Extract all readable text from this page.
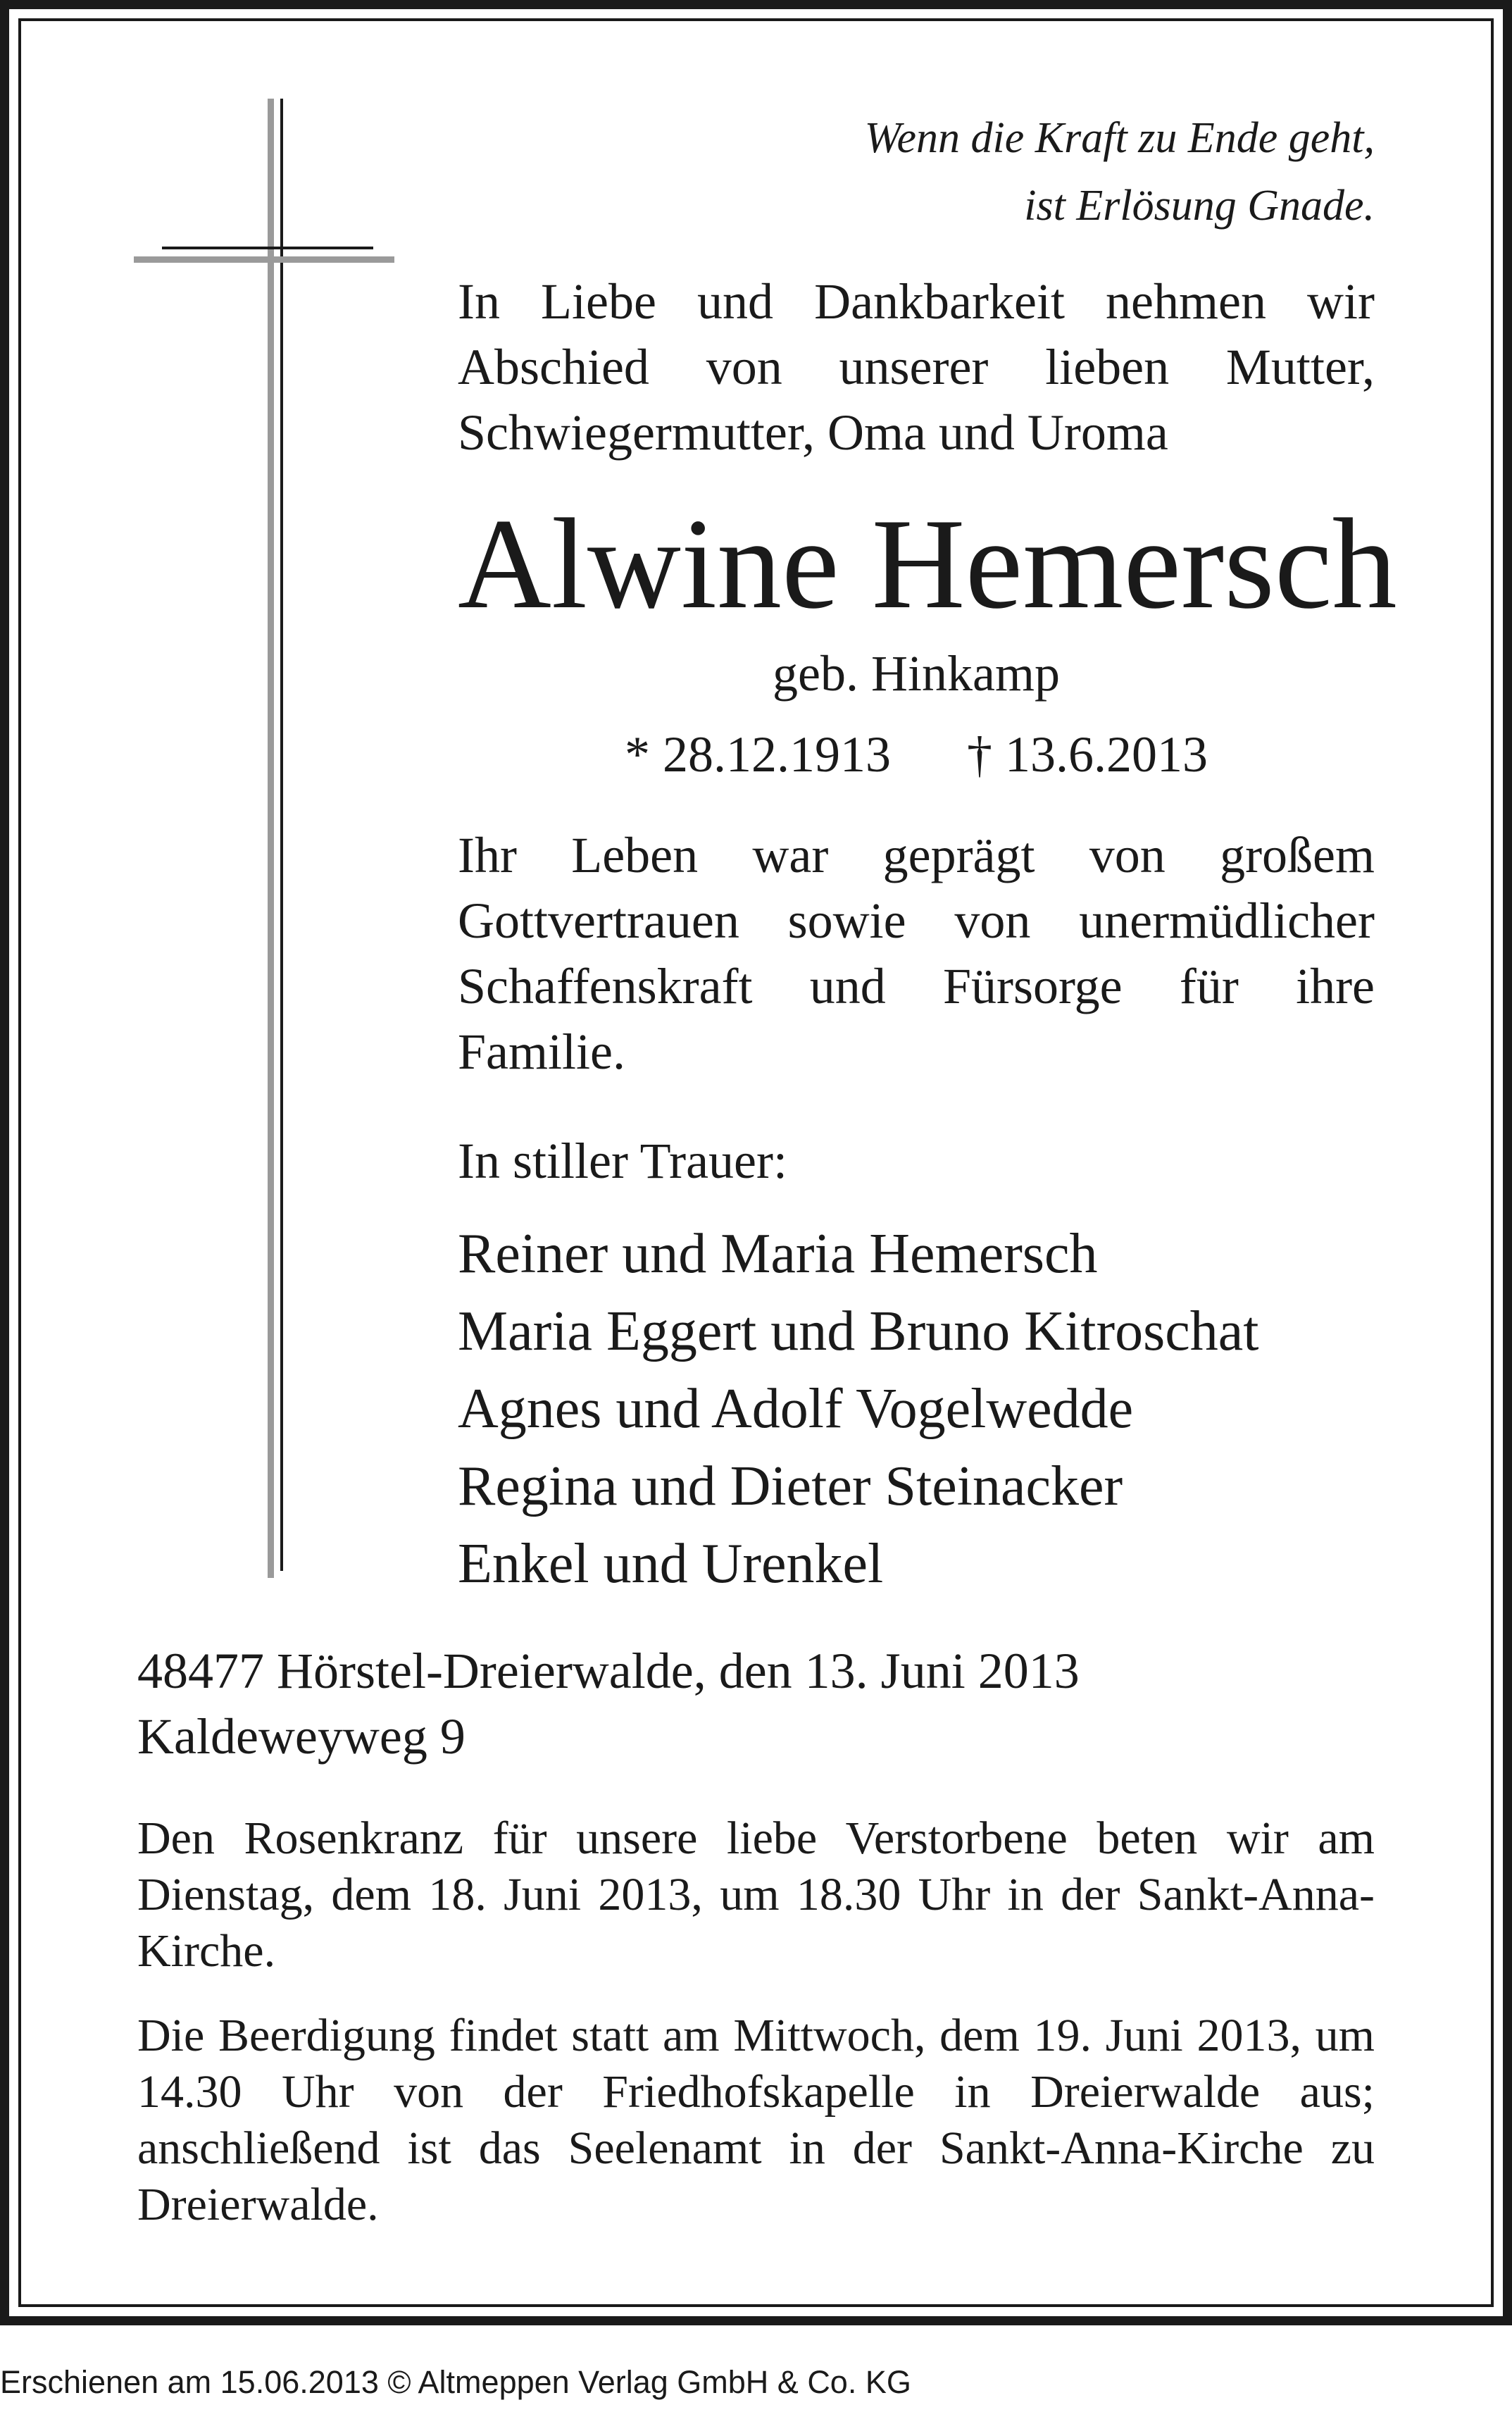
Wenn die Kraft zu Ende geht,
ist Erlösung Gnade.
In Liebe und Dankbarkeit nehmen wir Abschied von unserer lieben Mutter, Schwiegermutter, Oma und Uroma
Alwine Hemersch
geb. Hinkamp
* 28.12.1913 † 13.6.2013
Ihr Leben war geprägt von großem Gottvertrauen sowie von unermüdlicher Schaffenskraft und Fürsorge für ihre Familie.
In stiller Trauer:
Reiner und Maria Hemersch
Maria Eggert und Bruno Kitroschat
Agnes und Adolf Vogelwedde
Regina und Dieter Steinacker
Enkel und Urenkel
48477 Hörstel-Dreierwalde, den 13. Juni 2013
Kaldeweyweg 9
Den Rosenkranz für unsere liebe Verstorbene beten wir am Dienstag, dem 18. Juni 2013, um 18.30 Uhr in der Sankt-Anna-Kirche.
Die Beerdigung findet statt am Mittwoch, dem 19. Juni 2013, um 14.30 Uhr von der Friedhofskapelle in Dreierwalde aus; anschließend ist das Seelenamt in der Sankt-Anna-Kirche zu Dreierwalde.
Erschienen am 15.06.2013 © Altmeppen Verlag GmbH & Co. KG
